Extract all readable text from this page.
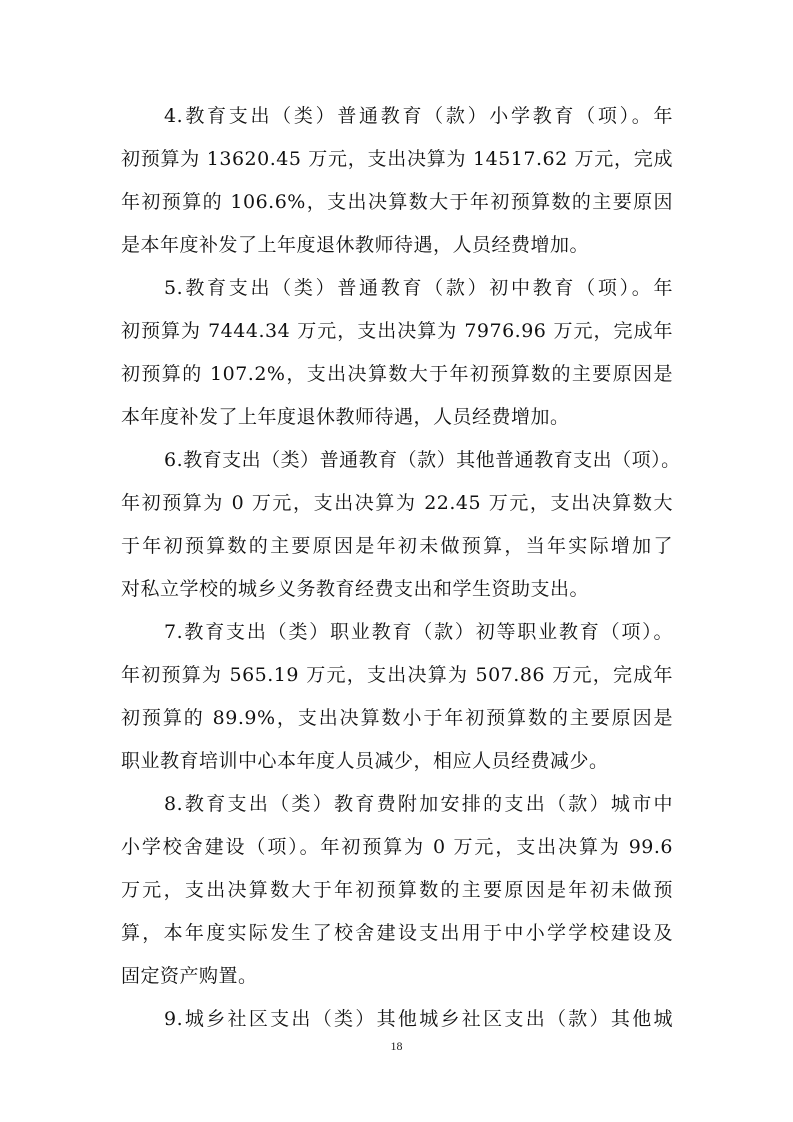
4.教育支出（类）普通教育（款）小学教育（项）。年
初预算为 13620.45 万元，支出决算为 14517.62 万元，完成
年初预算的 106.6%，支出决算数大于年初预算数的主要原因
是本年度补发了上年度退休教师待遇，人员经费增加。
5.教育支出（类）普通教育（款）初中教育（项）。年
初预算为 7444.34 万元，支出决算为 7976.96 万元，完成年
初预算的 107.2%，支出决算数大于年初预算数的主要原因是
本年度补发了上年度退休教师待遇，人员经费增加。
6.教育支出（类）普通教育（款）其他普通教育支出（项）。
年初预算为 0 万元，支出决算为 22.45 万元，支出决算数大
于年初预算数的主要原因是年初未做预算，当年实际增加了
对私立学校的城乡义务教育经费支出和学生资助支出。
7.教育支出（类）职业教育（款）初等职业教育（项）。
年初预算为 565.19 万元，支出决算为 507.86 万元，完成年
初预算的 89.9%，支出决算数小于年初预算数的主要原因是
职业教育培训中心本年度人员减少，相应人员经费减少。
8.教育支出（类）教育费附加安排的支出（款）城市中
小学校舍建设（项）。年初预算为 0 万元，支出决算为 99.6
万元，支出决算数大于年初预算数的主要原因是年初未做预
算，本年度实际发生了校舍建设支出用于中小学学校建设及
固定资产购置。
9.城乡社区支出（类）其他城乡社区支出（款）其他城
18
